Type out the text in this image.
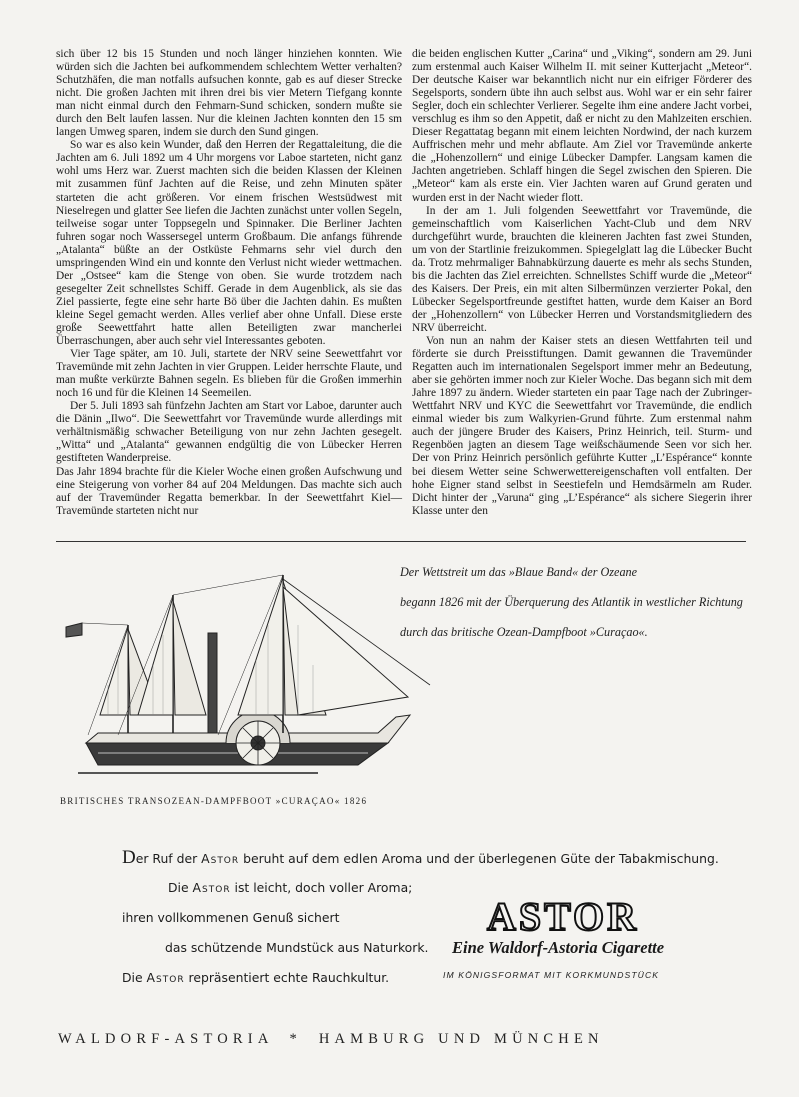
sich über 12 bis 15 Stunden und noch länger hinziehen konnten. Wie würden sich die Jachten bei aufkommendem schlechtem Wetter verhalten? Schutzhäfen, die man notfalls aufsuchen konnte, gab es auf dieser Strecke nicht. Die großen Jachten mit ihren drei bis vier Metern Tiefgang konnte man nicht einmal durch den Fehmarn-Sund schicken, sondern mußte sie durch den Belt laufen lassen. Nur die kleinen Jachten konnten den 15 sm langen Umweg sparen, indem sie durch den Sund gingen.

So war es also kein Wunder, daß den Herren der Regattaleitung, die die Jachten am 6. Juli 1892 um 4 Uhr morgens vor Laboe starteten, nicht ganz wohl ums Herz war. Zuerst machten sich die beiden Klassen der Kleinen mit zusammen fünf Jachten auf die Reise, und zehn Minuten später starteten die acht größeren. Vor einem frischen Westsüdwest mit Nieselregen und glatter See liefen die Jachten zunächst unter vollen Segeln, teilweise sogar unter Toppsegeln und Spinnaker. Die Berliner Jachten fuhren sogar noch Wassersegel unterm Großbaum. Die anfangs führende „Atalanta“ büßte an der Ostküste Fehmarns sehr viel durch den umspringenden Wind ein und konnte den Verlust nicht wieder wettmachen. Der „Ostsee“ kam die Stenge von oben. Sie wurde trotzdem nach gesegelter Zeit schnellstes Schiff. Gerade in dem Augenblick, als sie das Ziel passierte, fegte eine sehr harte Bö über die Jachten dahin. Es mußten kleine Segel gemacht werden. Alles verlief aber ohne Unfall. Diese erste große Seewettfahrt hatte allen Beteiligten zwar mancherlei Überraschungen, aber auch sehr viel Interessantes geboten.

Vier Tage später, am 10. Juli, startete der NRV seine Seewettfahrt vor Travemünde mit zehn Jachten in vier Gruppen. Leider herrschte Flaute, und man mußte verkürzte Bahnen segeln. Es blieben für die Großen immerhin noch 16 und für die Kleinen 14 Seemeilen.

Der 5. Juli 1893 sah fünfzehn Jachten am Start vor Laboe, darunter auch die Dänin „Ilwo“. Die Seewettfahrt vor Travemünde wurde allerdings mit verhältnismäßig schwacher Beteiligung von nur zehn Jachten gesegelt. „Witta“ und „Atalanta“ gewannen endgültig die von Lübecker Herren gestifteten Wanderpreise.

Das Jahr 1894 brachte für die Kieler Woche einen großen Aufschwung und eine Steigerung von vorher 84 auf 204 Meldungen. Das machte sich auch auf der Travemünder Regatta bemerkbar. In der Seewettfahrt Kiel—Travemünde starteten nicht nur

die beiden englischen Kutter „Carina“ und „Viking“, sondern am 29. Juni zum erstenmal auch Kaiser Wilhelm II. mit seiner Kutterjacht „Meteor“. Der deutsche Kaiser war bekanntlich nicht nur ein eifriger Förderer des Segelsports, sondern übte ihn auch selbst aus. Wohl war er ein sehr fairer Segler, doch ein schlechter Verlierer. Segelte ihm eine andere Jacht vorbei, verschlug es ihm so den Appetit, daß er nicht zu den Mahlzeiten erschien. Dieser Regattatag begann mit einem leichten Nordwind, der nach kurzem Auffrischen mehr und mehr abflaute. Am Ziel vor Travemünde ankerte die „Hohenzollern“ und einige Lübecker Dampfer. Langsam kamen die Jachten angetrieben. Schlaff hingen die Segel zwischen den Spieren. Die „Meteor“ kam als erste ein. Vier Jachten waren auf Grund geraten und wurden erst in der Nacht wieder flott.

In der am 1. Juli folgenden Seewettfahrt vor Travemünde, die gemeinschaftlich vom Kaiserlichen Yacht-Club und dem NRV durchgeführt wurde, brauchten die kleineren Jachten fast zwei Stunden, um von der Startlinie freizukommen. Spiegelglatt lag die Lübecker Bucht da. Trotz mehrmaliger Bahnabkürzung dauerte es mehr als sechs Stunden, bis die Jachten das Ziel erreichten. Schnellstes Schiff wurde die „Meteor“ des Kaisers. Der Preis, ein mit alten Silbermünzen verzierter Pokal, den Lübecker Segelsportfreunde gestiftet hatten, wurde dem Kaiser an Bord der „Hohenzollern“ von Lübecker Herren und Vorstandsmitgliedern des NRV überreicht.

Von nun an nahm der Kaiser stets an diesen Wettfahrten teil und förderte sie durch Preisstiftungen. Damit gewannen die Travemünder Regatten auch im internationalen Segelsport immer mehr an Bedeutung, aber sie gehörten immer noch zur Kieler Woche. Das begann sich mit dem Jahre 1897 zu ändern. Wieder starteten ein paar Tage nach der Zubringer-Wettfahrt NRV und KYC die Seewettfahrt vor Travemünde, die endlich einmal wieder bis zum Walkyrien-Grund führte. Zum erstenmal nahm auch der jüngere Bruder des Kaisers, Prinz Heinrich, teil. Sturm- und Regenböen jagten an diesem Tage weißschäumende Seen vor sich her. Der von Prinz Heinrich persönlich geführte Kutter „L’Espérance“ konnte bei diesem Wetter seine Schwerwettereigenschaften voll entfalten. Der hohe Eigner stand selbst in Seestiefeln und Hemdsärmeln am Ruder. Dicht hinter der „Varuna“ ging „L’Espérance“ als sichere Siegerin ihrer Klasse unter den

Der Wettstreit um das »Blaue Band« der Ozeane
begann 1826 mit der Überquerung des Atlantik in westlicher Richtung
durch das britische Ozean-Dampfboot »Curaçao«.
BRITISCHES TRANSOZEAN-DAMPFBOOT »CURAÇAO« 1826
Der Ruf der Astor beruht auf dem edlen Aroma und der überlegenen Güte der Tabakmischung.
Die Astor ist leicht, doch voller Aroma;
ihren vollkommenen Genuß sichert
das schützende Mundstück aus Naturkork.
Die Astor repräsentiert echte Rauchkultur.
ASTOR
Eine Waldorf-Astoria Cigarette
IM KÖNIGSFORMAT MIT KORKMUNDSTÜCK
WALDORF-ASTORIA * HAMBURG UND MÜNCHEN
